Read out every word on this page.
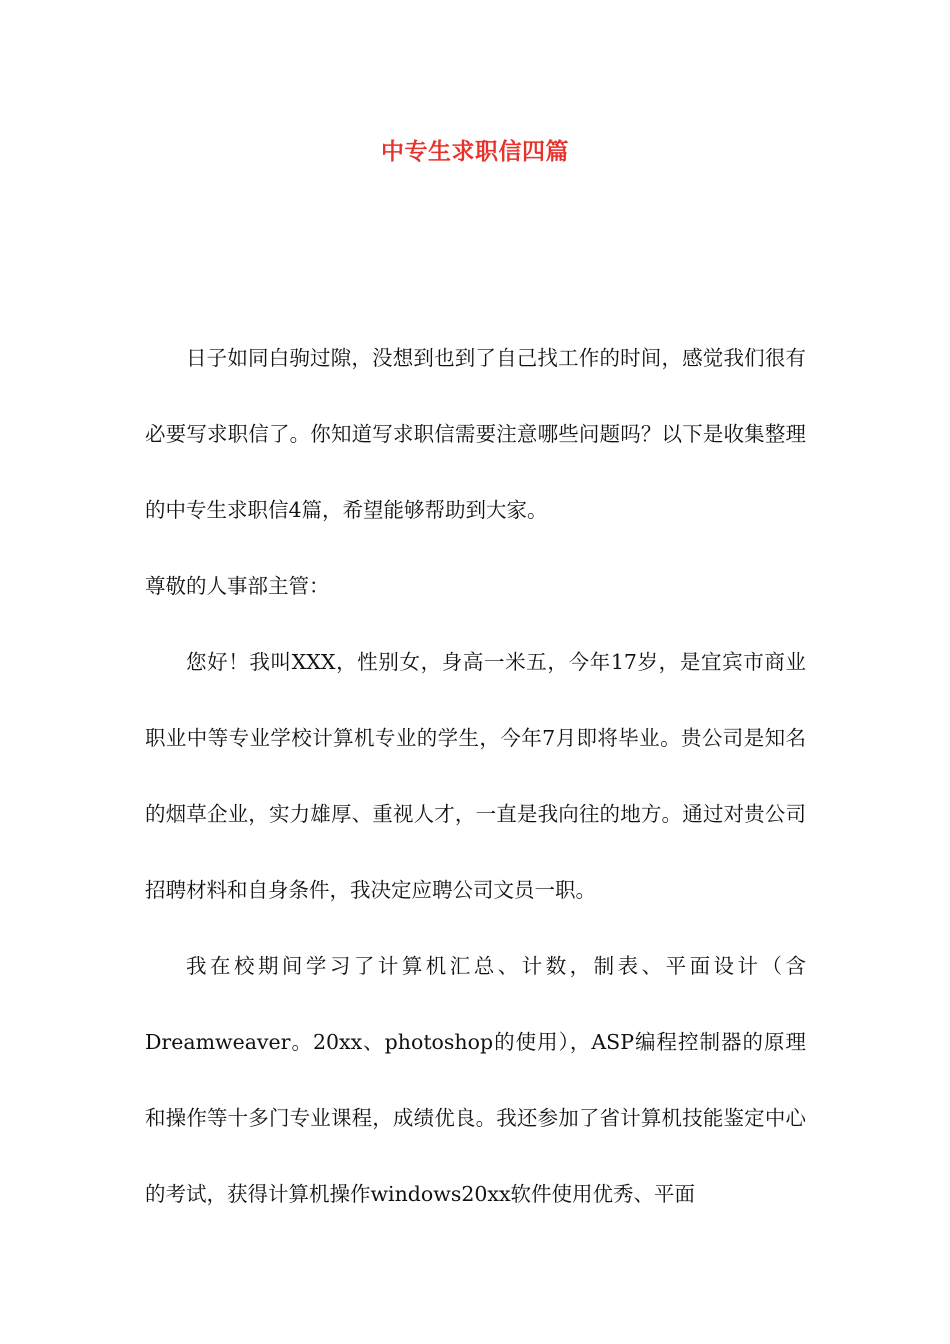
中专生求职信四篇

日子如同白驹过隙，没想到也到了自己找工作的时间，感觉我们很有必要写求职信了。你知道写求职信需要注意哪些问题吗？以下是收集整理的中专生求职信4篇，希望能够帮助到大家。

尊敬的人事部主管：

您好！我叫XXX，性别女，身高一米五，今年17岁，是宜宾市商业职业中等专业学校计算机专业的学生，今年7月即将毕业。贵公司是知名的烟草企业，实力雄厚、重视人才，一直是我向往的地方。通过对贵公司招聘材料和自身条件，我决定应聘公司文员一职。

我在校期间学习了计算机汇总、计数，制表、平面设计（含Dreamweaver。20xx、photoshop的使用），ASP编程控制器的原理和操作等十多门专业课程，成绩优良。我还参加了省计算机技能鉴定中心的考试，获得计算机操作windows20xx软件使用优秀、平面
